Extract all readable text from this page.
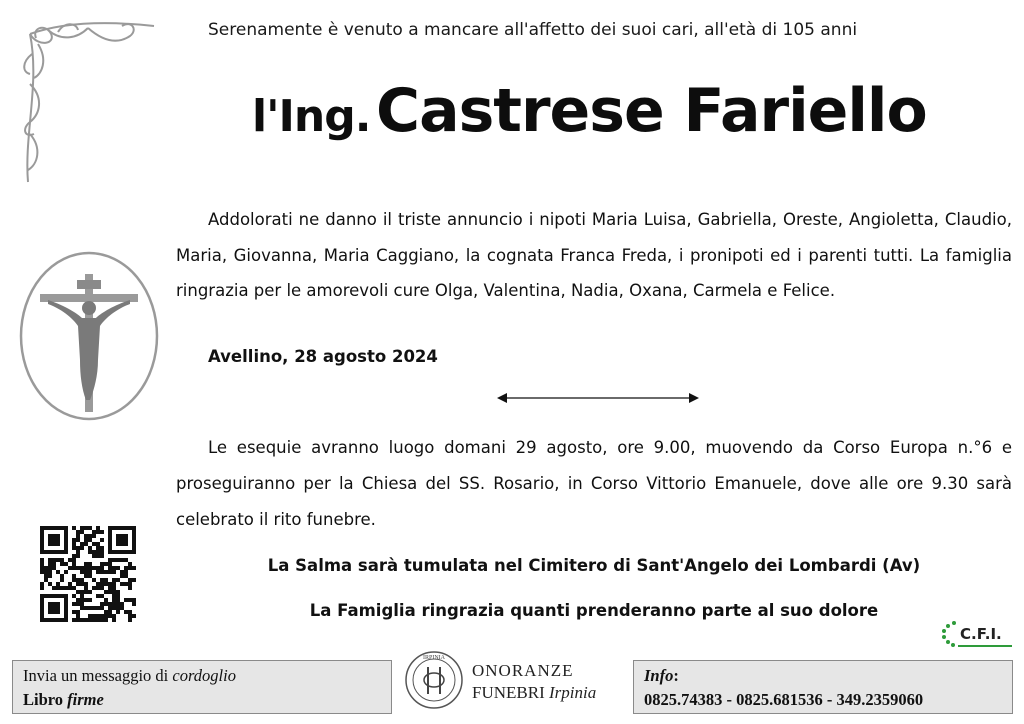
Serenamente è venuto a mancare all'affetto dei suoi cari, all'età di 105 anni
l'Ing. Castrese Fariello
Addolorati ne danno il triste annuncio i nipoti Maria Luisa, Gabriella, Oreste, Angioletta, Claudio, Maria, Giovanna, Maria Caggiano, la cognata Franca Freda, i pronipoti ed i parenti tutti. La famiglia ringrazia per le amorevoli cure Olga, Valentina, Nadia, Oxana, Carmela e Felice.
Avellino, 28 agosto 2024
Le esequie avranno luogo domani 29 agosto, ore 9.00, muovendo da Corso Europa n.°6 e proseguiranno per la Chiesa del SS. Rosario, in Corso Vittorio Emanuele, dove alle ore 9.30 sarà celebrato il rito funebre.
La Salma sarà tumulata nel Cimitero di Sant'Angelo dei Lombardi (Av)
La Famiglia ringrazia quanti prenderanno parte al suo dolore
C.F.I.
Invia un messaggio di cordoglio
Libro firme
IRPINIA
ONORANZE
FUNEBRI Irpinia
Info:
0825.74383 - 0825.681536 - 349.2359060
